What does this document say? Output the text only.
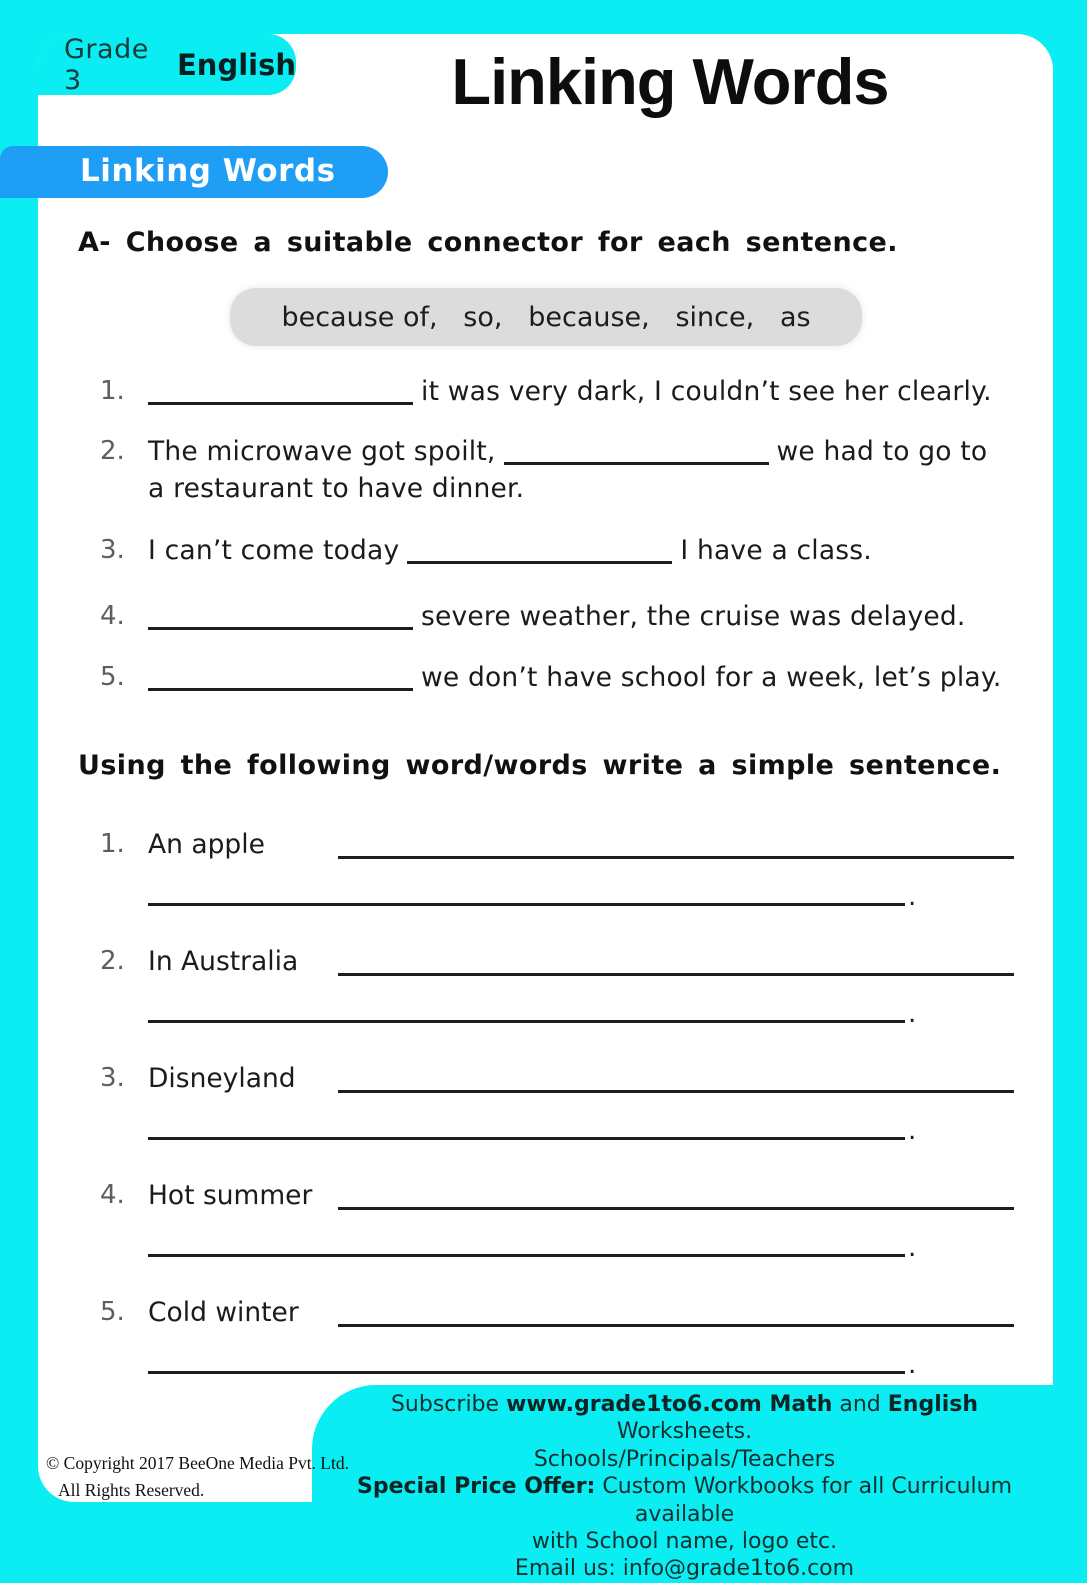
Grade 3	English	Linking Words
Linking Words
A- Choose a suitable connector for each sentence.
because of,   so,   because,   since,   as
1.	it was very dark, I couldn’t see her clearly.
2. The microwave got spoilt,	we had to go to
a restaurant to have dinner.
3. I can’t come today	I have a class.
4.	severe weather, the cruise was delayed.
5.	we don’t have school for a week, let’s play.
Using the following word/words write a simple sentence.
1. An apple
.
2. In Australia
.
3. Disneyland
.
4. Hot summer
.
5. Cold winter
.
Subscribe www.grade1to6.com Math and English Worksheets.
Schools/Principals/Teachers
Special Price Offer: Custom Workbooks for all Curriculum available
with School name, logo etc.
Email us: info@grade1to6.com
© Copyright 2017 BeeOne Media Pvt. Ltd.
All Rights Reserved.
